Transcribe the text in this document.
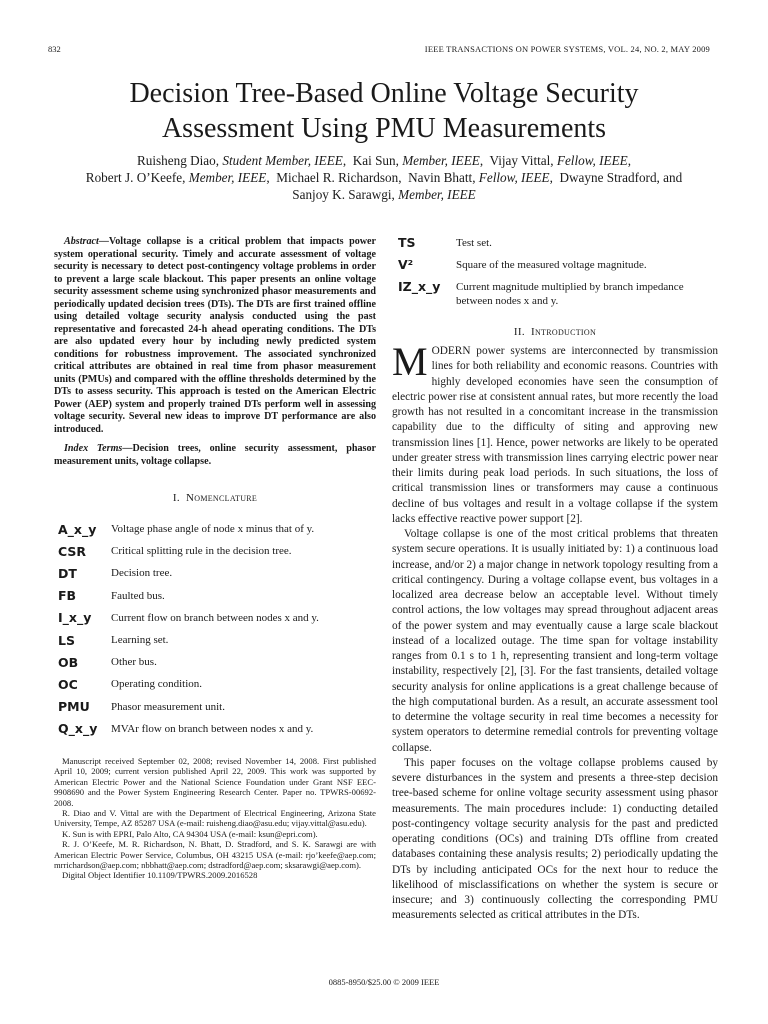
832	IEEE TRANSACTIONS ON POWER SYSTEMS, VOL. 24, NO. 2, MAY 2009
Decision Tree-Based Online Voltage Security
Assessment Using PMU Measurements
Ruisheng Diao, Student Member, IEEE,  Kai Sun, Member, IEEE,  Vijay Vittal, Fellow, IEEE,
Robert J. O’Keefe, Member, IEEE,  Michael R. Richardson,  Navin Bhatt, Fellow, IEEE,  Dwayne Stradford, and
Sanjoy K. Sarawgi, Member, IEEE

Abstract—Voltage collapse is a critical problem that impacts power system operational security. Timely and accurate assessment of voltage security is necessary to detect post-contingency voltage problems in order to prevent a large scale blackout. This paper presents an online voltage security assessment scheme using synchronized phasor measurements and periodically updated decision trees (DTs). The DTs are first trained offline using detailed voltage security analysis conducted using the past representative and forecasted 24-h ahead operating conditions. The DTs are also updated every hour by including newly predicted system conditions for robustness improvement. The associated synchronized critical attributes are obtained in real time from phasor measurement units (PMUs) and compared with the offline thresholds determined by the DTs to assess security. This approach is tested on the American Electric Power (AEP) system and properly trained DTs perform well in assessing voltage security. Several new ideas to improve DT performance are also introduced.

Index Terms—Decision trees, online security assessment, phasor measurement units, voltage collapse.

I. Nomenclature

A_x_y	Voltage phase angle of node x minus that of y.
CSR	Critical splitting rule in the decision tree.
DT	Decision tree.
FB	Faulted bus.
I_x_y	Current flow on branch between nodes x and y.
LS	Learning set.
OB	Other bus.
OC	Operating condition.
PMU	Phasor measurement unit.
Q_x_y	MVAr flow on branch between nodes x and y.

Manuscript received September 02, 2008; revised November 14, 2008. First published April 10, 2009; current version published April 22, 2009. This work was supported by American Electric Power and the National Science Foundation under Grant NSF EEC-9908690 and the Power System Engineering Research Center. Paper no. TPWRS-00692-2008.

R. Diao and V. Vittal are with the Department of Electrical Engineering, Arizona State University, Tempe, AZ 85287 USA (e-mail: ruisheng.diao@asu.edu; vijay.vittal@asu.edu).

K. Sun is with EPRI, Palo Alto, CA 94304 USA (e-mail: ksun@epri.com).

R. J. O’Keefe, M. R. Richardson, N. Bhatt, D. Stradford, and S. K. Sarawgi are with American Electric Power Service, Columbus, OH 43215 USA (e-mail: rjo’keefe@aep.com; mrrichardson@aep.com; nbbhatt@aep.com; dstradford@aep.com; sksarawgi@aep.com).

Digital Object Identifier 10.1109/TPWRS.2009.2016528

TS	Test set.
V²	Square of the measured voltage magnitude.
IZ_x_y	Current magnitude multiplied by branch impedance between nodes x and y.

II. Introduction

MODERN power systems are interconnected by transmission lines for both reliability and economic reasons. Countries with highly developed economies have seen the consumption of electric power rise at consistent annual rates, but more recently the load growth has not resulted in a concomitant increase in the transmission capability due to the difficulty of siting and approving new transmission lines [1]. Hence, power networks are likely to be operated under greater stress with transmission lines carrying electric power near their limits during peak load periods. In such situations, the loss of critical transmission lines or transformers may cause a continuous decline of bus voltages and result in a voltage collapse if the system lacks effective reactive power support [2].

Voltage collapse is one of the most critical problems that threaten system secure operations. It is usually initiated by: 1) a continuous load increase, and/or 2) a major change in network topology resulting from a critical contingency. During a voltage collapse event, bus voltages in a localized area decrease below an acceptable level. Without timely control actions, the low voltages may spread throughout adjacent areas of the power system and may eventually cause a large scale blackout instead of a localized outage. The time span for voltage instability ranges from 0.1 s to 1 h, representing transient and long-term voltage instability, respectively [2], [3]. For the fast transients, detailed voltage security analysis for online applications is a great challenge because of the high computational burden. As a result, an accurate assessment tool to determine the voltage security in real time becomes a necessity for system operators to determine remedial controls for preventing voltage collapse.

This paper focuses on the voltage collapse problems caused by severe disturbances in the system and presents a three-step decision tree-based scheme for online voltage security assessment using phasor measurements. The main procedures include: 1) conducting detailed post-contingency voltage security analysis for the past and predicted operating conditions (OCs) and training DTs offline from created databases containing these analysis results; 2) periodically updating the DTs by including anticipated OCs for the next hour to reduce the likelihood of misclassifications on whether the system is secure or insecure; and 3) continuously collecting the corresponding PMU measurements selected as critical attributes in the DTs.

0885-8950/$25.00 © 2009 IEEE
